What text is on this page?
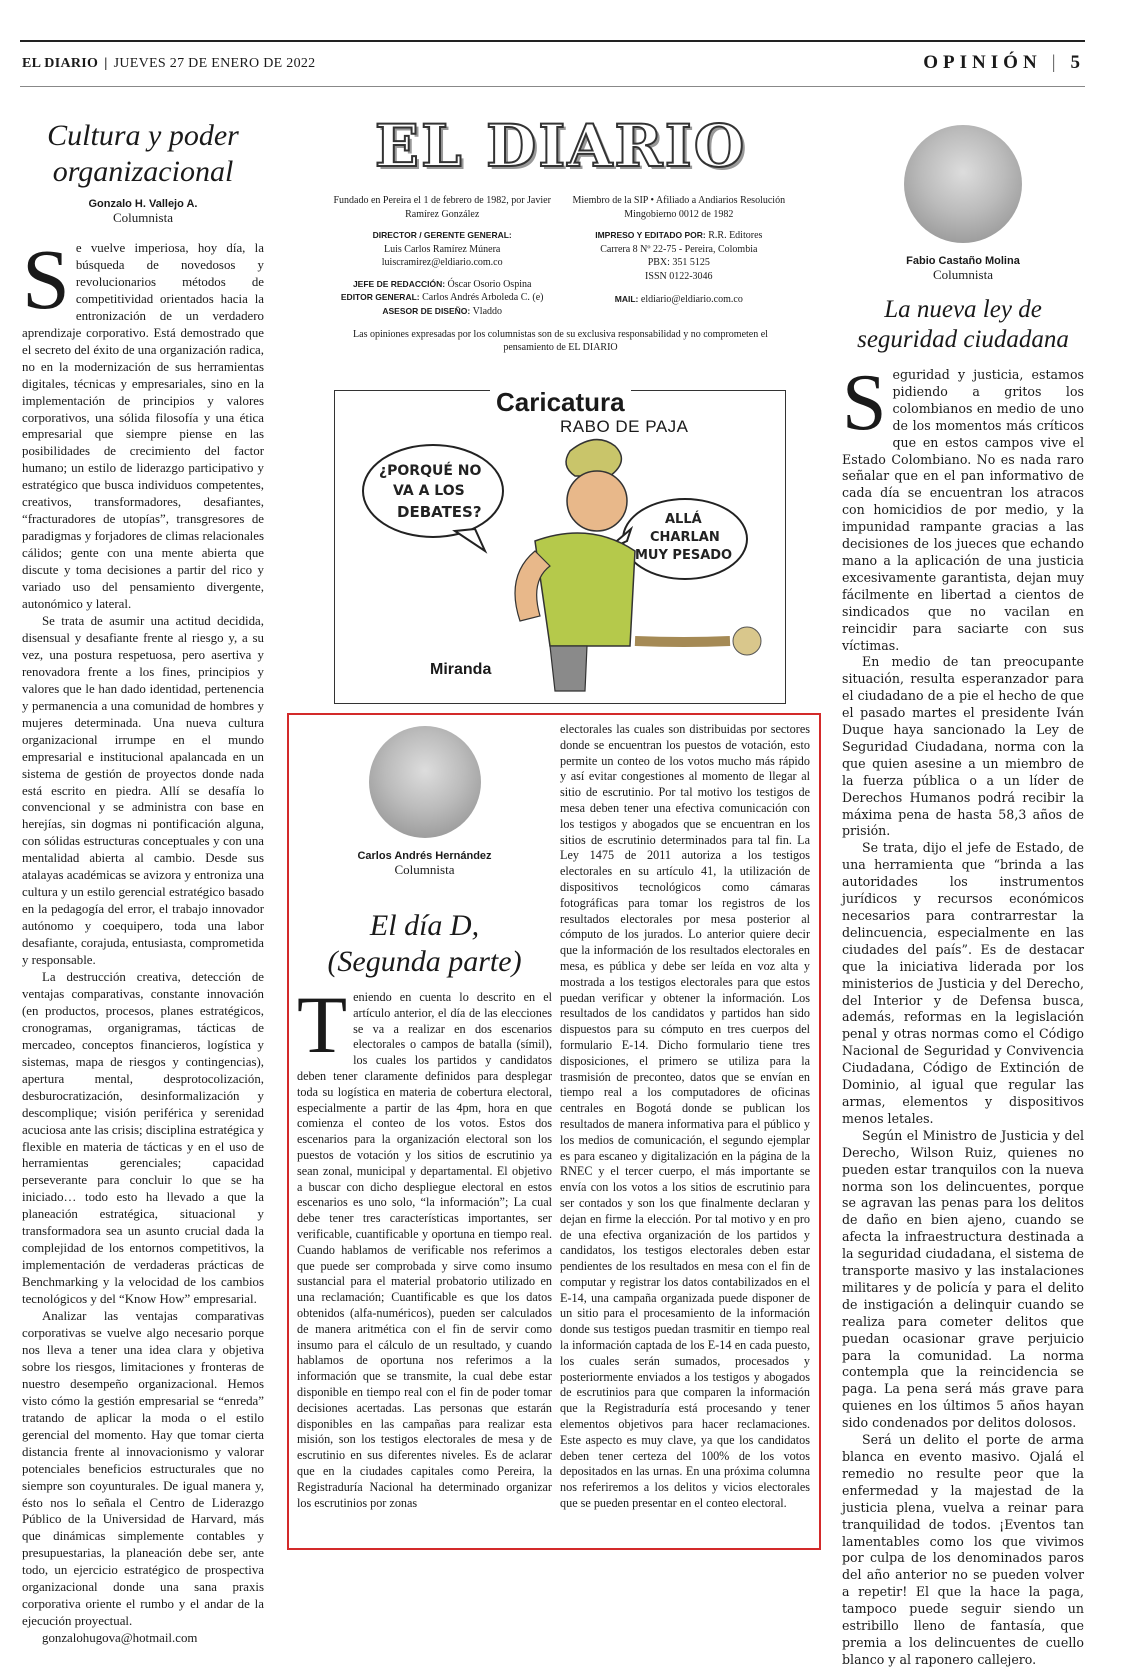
EL DIARIO | JUEVES 27 DE ENERO DE 2022	OPINIÓN | 5
Cultura y poder organizacional
Gonzalo H. Vallejo A.
Columnista

Se vuelve imperiosa, hoy día, la búsqueda de novedosos y revolucionarios métodos de competitividad orientados hacia la entronización de un verdadero aprendizaje corporativo. Está demostrado que el secreto del éxito de una organización radica, no en la modernización de sus herramientas digitales, técnicas y empresariales, sino en la implementación de principios y valores corporativos, una sólida filosofía y una ética empresarial que siempre piense en las posibilidades de crecimiento del factor humano; un estilo de liderazgo participativo y estratégico que busca individuos competentes, creativos, transformadores, desafiantes, “fracturadores de utopías”, transgresores de paradigmas y forjadores de climas relacionales cálidos; gente con una mente abierta que discute y toma decisiones a partir del rico y variado uso del pensamiento divergente, autonómico y lateral.

Se trata de asumir una actitud decidida, disensual y desafiante frente al riesgo y, a su vez, una postura respetuosa, pero asertiva y renovadora frente a los fines, principios y valores que le han dado identidad, pertenencia y permanencia a una comunidad de hombres y mujeres determinada. Una nueva cultura organizacional irrumpe en el mundo empresarial e institucional apalancada en un sistema de gestión de proyectos donde nada está escrito en piedra. Allí se desafía lo convencional y se administra con base en herejías, sin dogmas ni pontificación alguna, con sólidas estructuras conceptuales y con una mentalidad abierta al cambio. Desde sus atalayas académicas se avizora y entroniza una cultura y un estilo gerencial estratégico basado en la pedagogía del error, el trabajo innovador autónomo y coequipero, toda una labor desafiante, corajuda, entusiasta, comprometida y responsable.

La destrucción creativa, detección de ventajas comparativas, constante innovación (en productos, procesos, planes estratégicos, cronogramas, organigramas, tácticas de mercadeo, conceptos financieros, logística y sistemas, mapa de riesgos y contingencias), apertura mental, desprotocolización, desburocratización, desinformalización y descomplique; visión periférica y serenidad acuciosa ante las crisis; disciplina estratégica y flexible en materia de tácticas y en el uso de herramientas gerenciales; capacidad perseverante para concluir lo que se ha iniciado… todo esto ha llevado a que la planeación estratégica, situacional y transformadora sea un asunto crucial dada la complejidad de los entornos competitivos, la implementación de verdaderas prácticas de Benchmarking y la velocidad de los cambios tecnológicos y del “Know How” empresarial.

Analizar las ventajas comparativas corporativas se vuelve algo necesario porque nos lleva a tener una idea clara y objetiva sobre los riesgos, limitaciones y fronteras de nuestro desempeño organizacional. Hemos visto cómo la gestión empresarial se “enreda” tratando de aplicar la moda o el estilo gerencial del momento. Hay que tomar cierta distancia frente al innovacionismo y valorar potenciales beneficios estructurales que no siempre son coyunturales. De igual manera y, ésto nos lo señala el Centro de Liderazgo Público de la Universidad de Harvard, más que dinámicas simplemente contables y presupuestarias, la planeación debe ser, ante todo, un ejercicio estratégico de prospectiva organizacional donde una sana praxis corporativa oriente el rumbo y el andar de la ejecución proyectual.

gonzalohugova@hotmail.com

EL DIARIO
Fundado en Pereira el 1 de febrero de 1982, por Javier Ramírez González
DIRECTOR / GERENTE GENERAL:
Luis Carlos Ramírez Múnera
luiscramirez@eldiario.com.co
JEFE DE REDACCIÓN: Óscar Osorio Ospina
EDITOR GENERAL: Carlos Andrés Arboleda C. (e)
ASESOR DE DISEÑO: Vladdo
Miembro de la SIP • Afiliado a Andiarios Resolución Mingobierno 0012 de 1982
IMPRESO Y EDITADO POR: R.R. Editores
Carrera 8 Nº 22-75 - Pereira, Colombia
PBX: 351 5125
ISSN 0122-3046
MAIL: eldiario@eldiario.com.co
Las opiniones expresadas por los columnistas son de su exclusiva responsabilidad y no comprometen el pensamiento de EL DIARIO
Caricatura
RABO DE PAJA
¿PORQUÉ NO
VA A LOS
DEBATES?	ALLÁ
CHARLAN
MUY PESADO
Miranda
Carlos Andrés Hernández
Columnista
El día D,
(Segunda parte)

Teniendo en cuenta lo descrito en el artículo anterior, el día de las elecciones se va a realizar en dos escenarios electorales o campos de batalla (símil), los cuales los partidos y candidatos deben tener claramente definidos para desplegar toda su logística en materia de cobertura electoral, especialmente a partir de las 4pm, hora en que comienza el conteo de los votos. Estos dos escenarios para la organización electoral son los puestos de votación y los sitios de escrutinio ya sean zonal, municipal y departamental. El objetivo a buscar con dicho despliegue electoral en estos escenarios es uno solo, “la información”; La cual debe tener tres características importantes, ser verificable, cuantificable y oportuna en tiempo real. Cuando hablamos de verificable nos referimos a que puede ser comprobada y sirve como insumo sustancial para el material probatorio utilizado en una reclamación; Cuantificable es que los datos obtenidos (alfa-numéricos), pueden ser calculados de manera aritmética con el fin de servir como insumo para el cálculo de un resultado, y cuando hablamos de oportuna nos referimos a la información que se transmite, la cual debe estar disponible en tiempo real con el fin de poder tomar decisiones acertadas. Las personas que estarán disponibles en las campañas para realizar esta misión, son los testigos electorales de mesa y de escrutinio en sus diferentes niveles. Es de aclarar que en la ciudades capitales como Pereira, la Registraduría Nacional ha determinado organizar los escrutinios por zonas

electorales las cuales son distribuidas por sectores donde se encuentran los puestos de votación, esto permite un conteo de los votos mucho más rápido y así evitar congestiones al momento de llegar al sitio de escrutinio. Por tal motivo los testigos de mesa deben tener una efectiva comunicación con los testigos y abogados que se encuentran en los sitios de escrutinio determinados para tal fin. La Ley 1475 de 2011 autoriza a los testigos electorales en su artículo 41, la utilización de dispositivos tecnológicos como cámaras fotográficas para tomar los registros de los resultados electorales por mesa posterior al cómputo de los jurados. Lo anterior quiere decir que la información de los resultados electorales en mesa, es pública y debe ser leída en voz alta y mostrada a los testigos electorales para que estos puedan verificar y obtener la información. Los resultados de los candidatos y partidos han sido dispuestos para su cómputo en tres cuerpos del formulario E-14. Dicho formulario tiene tres disposiciones, el primero se utiliza para la trasmisión de preconteo, datos que se envían en tiempo real a los computadores de oficinas centrales en Bogotá donde se publican los resultados de manera informativa para el público y los medios de comunicación, el segundo ejemplar es para escaneo y digitalización en la página de la RNEC y el tercer cuerpo, el más importante se envía con los votos a los sitios de escrutinio para ser contados y son los que finalmente declaran y dejan en firme la elección. Por tal motivo y en pro de una efectiva organización de los partidos y candidatos, los testigos electorales deben estar pendientes de los resultados en mesa con el fin de computar y registrar los datos contabilizados en el E-14, una campaña organizada puede disponer de un sitio para el procesamiento de la información donde sus testigos puedan trasmitir en tiempo real la información captada de los E-14 en cada puesto, los cuales serán sumados, procesados y posteriormente enviados a los testigos y abogados de escrutinios para que comparen la información que la Registraduría está procesando y tener elementos objetivos para hacer reclamaciones. Este aspecto es muy clave, ya que los candidatos deben tener certeza del 100% de los votos depositados en las urnas. En una próxima columna nos referiremos a los delitos y vicios electorales que se pueden presentar en el conteo electoral.

Fabio Castaño Molina
Columnista
La nueva ley de
seguridad ciudadana

Seguridad y justicia, estamos pidiendo a gritos los colombianos en medio de uno de los momentos más críticos que en estos campos vive el Estado Colombiano. No es nada raro señalar que en el pan informativo de cada día se encuentran los atracos con homicidios de por medio, y la impunidad rampante gracias a las decisiones de los jueces que echando mano a la aplicación de una justicia excesivamente garantista, dejan muy fácilmente en libertad a cientos de sindicados que no vacilan en reincidir para saciarte con sus víctimas.

En medio de tan preocupante situación, resulta esperanzador para el ciudadano de a pie el hecho de que el pasado martes el presidente Iván Duque haya sancionado la Ley de Seguridad Ciudadana, norma con la que quien asesine a un miembro de la fuerza pública o a un líder de Derechos Humanos podrá recibir la máxima pena de hasta 58,3 años de prisión.

Se trata, dijo el jefe de Estado, de una herramienta que “brinda a las autoridades los instrumentos jurídicos y recursos económicos necesarios para contrarrestar la delincuencia, especialmente en las ciudades del país”. Es de destacar que la iniciativa liderada por los ministerios de Justicia y del Derecho, del Interior y de Defensa busca, además, reformas en la legislación penal y otras normas como el Código Nacional de Seguridad y Convivencia Ciudadana, Código de Extinción de Dominio, al igual que regular las armas, elementos y dispositivos menos letales.

Según el Ministro de Justicia y del Derecho, Wilson Ruiz, quienes no pueden estar tranquilos con la nueva norma son los delincuentes, porque se agravan las penas para los delitos de daño en bien ajeno, cuando se afecta la infraestructura destinada a la seguridad ciudadana, el sistema de transporte masivo y las instalaciones militares y de policía y para el delito de instigación a delinquir cuando se realiza para cometer delitos que puedan ocasionar grave perjuicio para la comunidad. La norma contempla que la reincidencia se paga. La pena será más grave para quienes en los últimos 5 años hayan sido condenados por delitos dolosos.

Será un delito el porte de arma blanca en evento masivo. Ojalá el remedio no resulte peor que la enfermedad y la majestad de la justicia plena, vuelva a reinar para tranquilidad de todos. ¡Eventos tan lamentables como los que vivimos por culpa de los denominados paros del año anterior no se pueden volver a repetir! El que la hace la paga, tampoco puede seguir siendo un estribillo lleno de fantasía, que premia a los delincuentes de cuello blanco y al raponero callejero.
